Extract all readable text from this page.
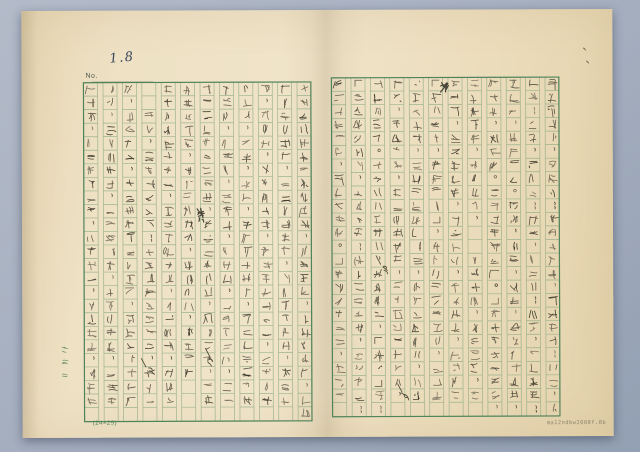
No.
1.8
(24×25)	ma12ndbw2008f.8b
